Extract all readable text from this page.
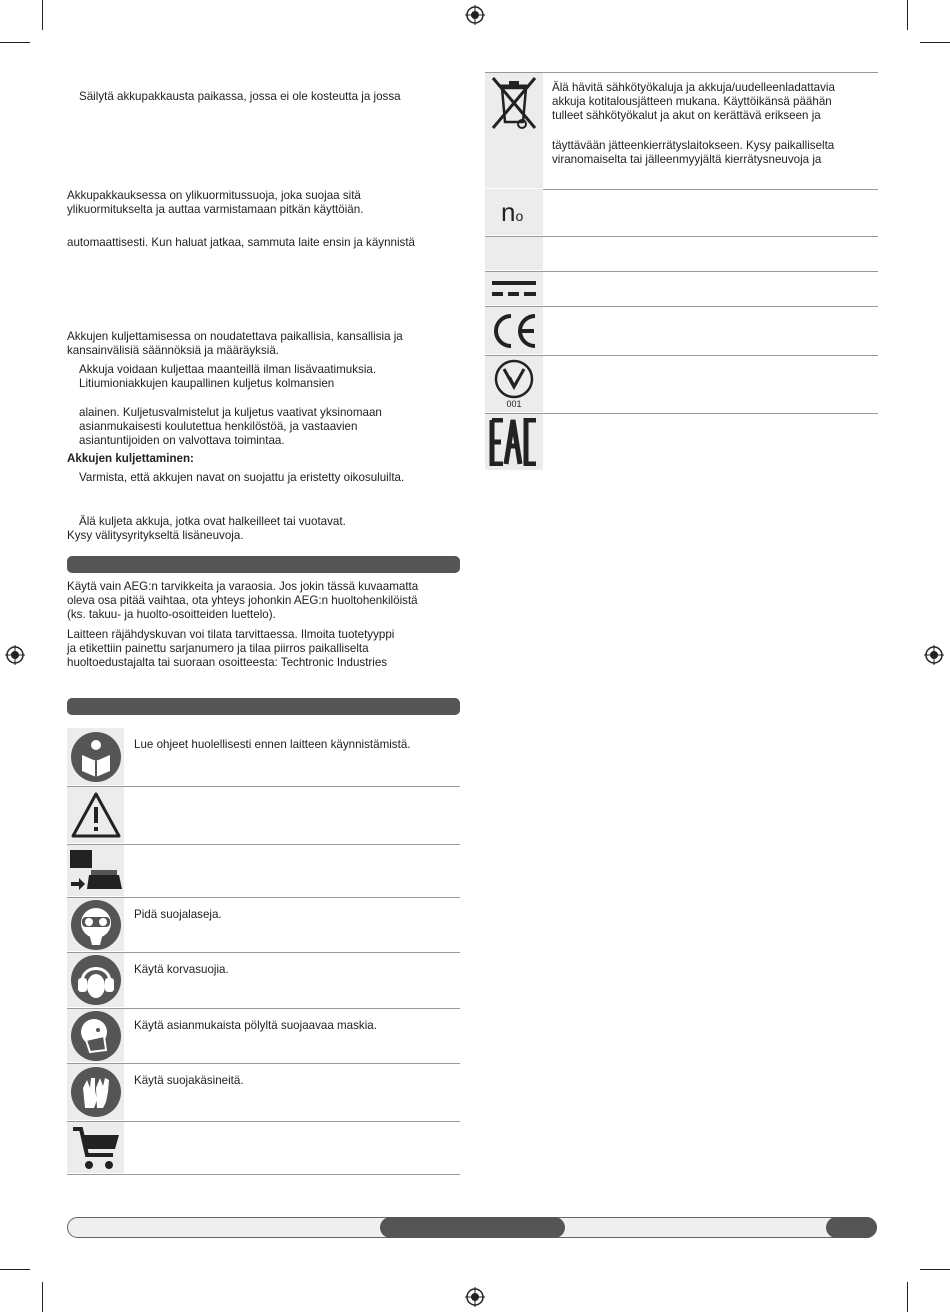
Säilytä akkupakkausta paikassa, jossa ei ole kosteutta ja jossa
Akkupakkauksessa on ylikuormitussuoja, joka suojaa sitä
ylikuormitukselta ja auttaa varmistamaan pitkän käyttöiän.
automaattisesti. Kun haluat jatkaa, sammuta laite ensin ja käynnistä
Akkujen kuljettamisessa on noudatettava paikallisia, kansallisia ja
kansainvälisiä säännöksiä ja määräyksiä.
Akkuja voidaan kuljettaa maanteillä ilman lisävaatimuksia.
Litiumioniakkujen kaupallinen kuljetus kolmansien
alainen. Kuljetusvalmistelut ja kuljetus vaativat yksinomaan
asianmukaisesti koulutettua henkilöstöä, ja vastaavien
asiantuntijoiden on valvottava toimintaa.
Akkujen kuljettaminen:
Varmista, että akkujen navat on suojattu ja eristetty oikosuluilta.
Älä kuljeta akkuja, jotka ovat halkeilleet tai vuotavat.
Kysy välitysyritykseltä lisäneuvoja.
Käytä vain AEG:n tarvikkeita ja varaosia. Jos jokin tässä kuvaamatta
oleva osa pitää vaihtaa, ota yhteys johonkin AEG:n huoltohenkilöistä
(ks. takuu- ja huolto-osoitteiden luettelo).
Laitteen räjähdyskuvan voi tilata tarvittaessa. Ilmoita tuotetyyppi
ja etikettiin painettu sarjanumero ja tilaa piirros paikalliselta
huoltoedustajalta tai suoraan osoitteesta: Techtronic Industries
Lue ohjeet huolellisesti ennen laitteen käynnistämistä.
Pidä suojalaseja.
Käytä korvasuojia.
Käytä asianmukaista pölyltä suojaavaa maskia.
Käytä suojakäsineitä.
Älä hävitä sähkötyökaluja ja akkuja/uudelleenladattavia
akkuja kotitalousjätteen mukana. Käyttöikänsä päähän
tulleet sähkötyökalut ja akut on kerättävä erikseen ja
täyttävään jätteenkierrätyslaitokseen. Kysy paikalliselta
viranomaiselta tai jälleenmyyjältä kierrätysneuvoja ja
no
001
